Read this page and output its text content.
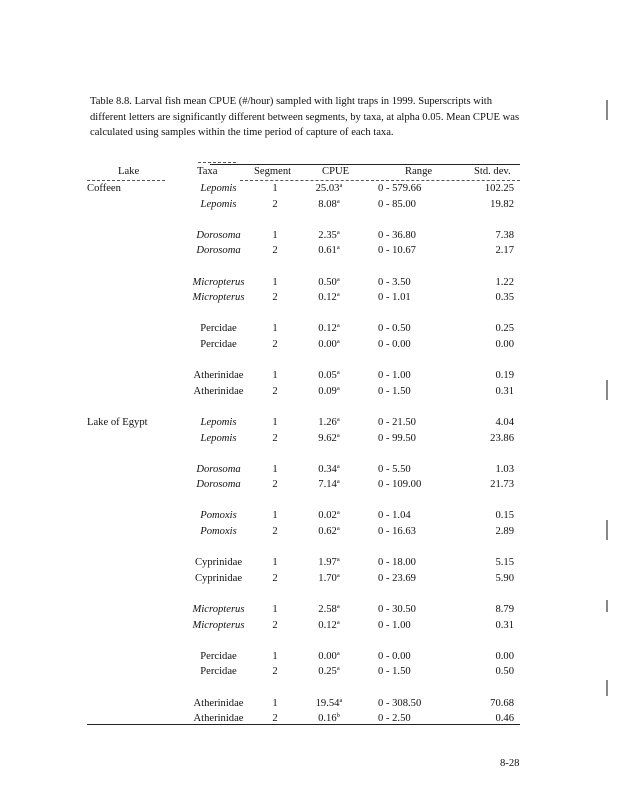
Table 8.8. Larval fish mean CPUE (#/hour) sampled with light traps in 1999. Superscripts with different letters are significantly different between segments, by taxa, at alpha 0.05. Mean CPUE was calculated using samples within the time period of capture of each taxa.
Lake	Taxa	Segment	CPUE	Range	Std. dev.
Coffeen	Lepomis	1	25.03$^a$	0 - 579.66	102.25
	Lepomis	2	8.08$^a$	0 - 85.00	19.82

	Dorosoma	1	2.35$^a$	0 - 36.80	7.38
	Dorosoma	2	0.61$^a$	0 - 10.67	2.17

	Micropterus	1	0.50$^a$	0 - 3.50	1.22
	Micropterus	2	0.12$^a$	0 - 1.01	0.35

	Percidae	1	0.12$^a$	0 - 0.50	0.25
	Percidae	2	0.00$^a$	0 - 0.00	0.00

	Atherinidae	1	0.05$^a$	0 - 1.00	0.19
	Atherinidae	2	0.09$^a$	0 - 1.50	0.31

Lake of Egypt	Lepomis	1	1.26$^a$	0 - 21.50	4.04
	Lepomis	2	9.62$^a$	0 - 99.50	23.86

	Dorosoma	1	0.34$^a$	0 - 5.50	1.03
	Dorosoma	2	7.14$^a$	0 - 109.00	21.73

	Pomoxis	1	0.02$^a$	0 - 1.04	0.15
	Pomoxis	2	0.62$^a$	0 - 16.63	2.89

	Cyprinidae	1	1.97$^a$	0 - 18.00	5.15
	Cyprinidae	2	1.70$^a$	0 - 23.69	5.90

	Micropterus	1	2.58$^a$	0 - 30.50	8.79
	Micropterus	2	0.12$^a$	0 - 1.00	0.31

	Percidae	1	0.00$^a$	0 - 0.00	0.00
	Percidae	2	0.25$^a$	0 - 1.50	0.50

	Atherinidae	1	19.54$^a$	0 - 308.50	70.68
	Atherinidae	2	0.16$^b$	0 - 2.50	0.46
8-28
